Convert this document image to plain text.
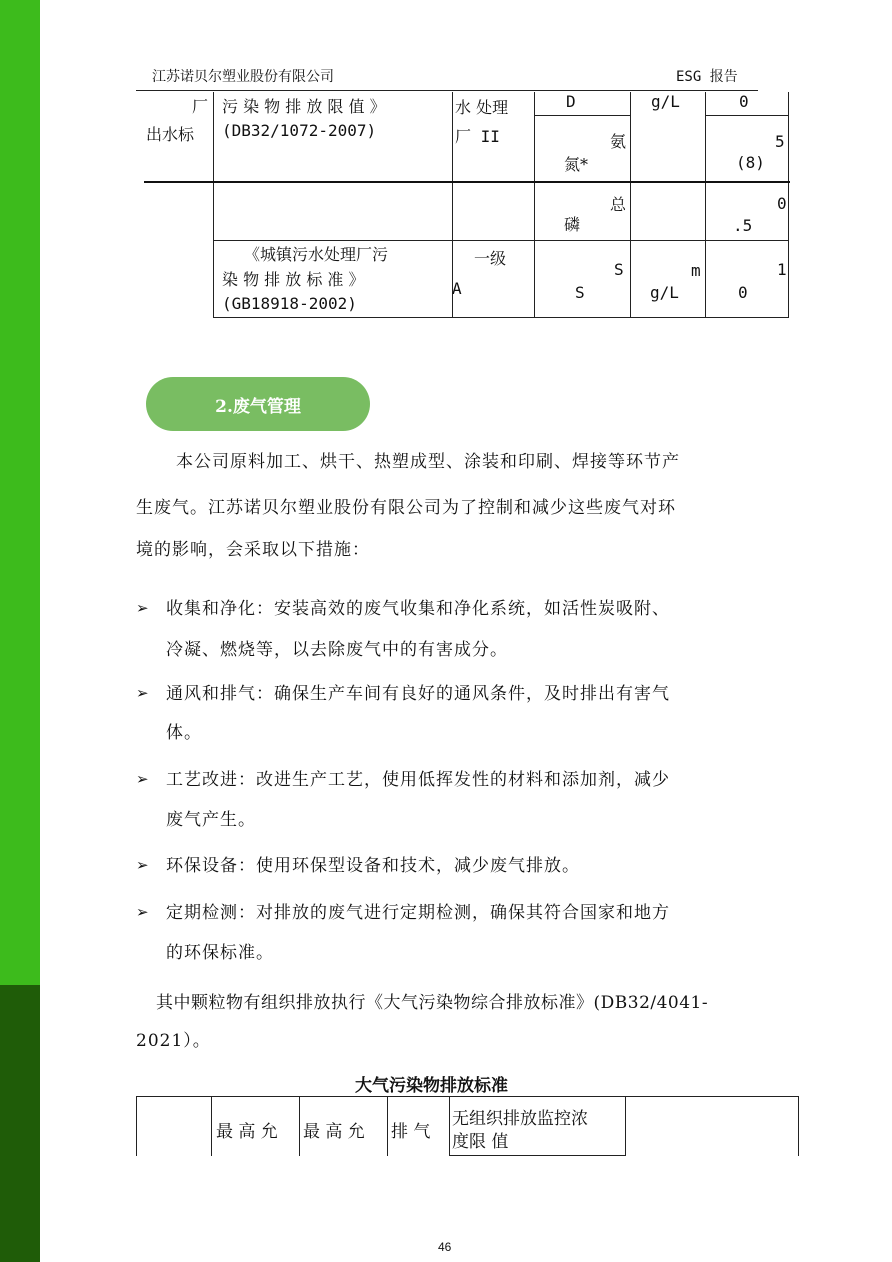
江苏诺贝尔塑业股份有限公司	ESG 报告
厂
出水标
污 染 物 排 放 限 值 》
(DB32/1072-2007)
水 处理
厂 II
D
氨
氮*
g/L	0
5
(8)
总
磷
0
.5
《城镇污水处理厂污
染 物 排 放 标 准 》
(GB18918-2002)
一级
A
S
S
m
g/L
1
0
2.废气管理
本公司原料加工、烘干、热塑成型、涂装和印刷、焊接等环节产
生废气。江苏诺贝尔塑业股份有限公司为了控制和减少这些废气对环
境的影响，会采取以下措施：
➢ 收集和净化：安装高效的废气收集和净化系统，如活性炭吸附、
冷凝、燃烧等，以去除废气中的有害成分。
➢ 通风和排气：确保生产车间有良好的通风条件，及时排出有害气
体。
➢ 工艺改进：改进生产工艺，使用低挥发性的材料和添加剂，减少
废气产生。
➢ 环保设备：使用环保型设备和技术，减少废气排放。
➢ 定期检测：对排放的废气进行定期检测，确保其符合国家和地方
的环保标准。
其中颗粒物有组织排放执行《大气污染物综合排放标准》(DB32/4041-
2021）。
大气污染物排放标准
最 高 允 最 高 允 排 气
无组织排放监控浓
度限 值
46
